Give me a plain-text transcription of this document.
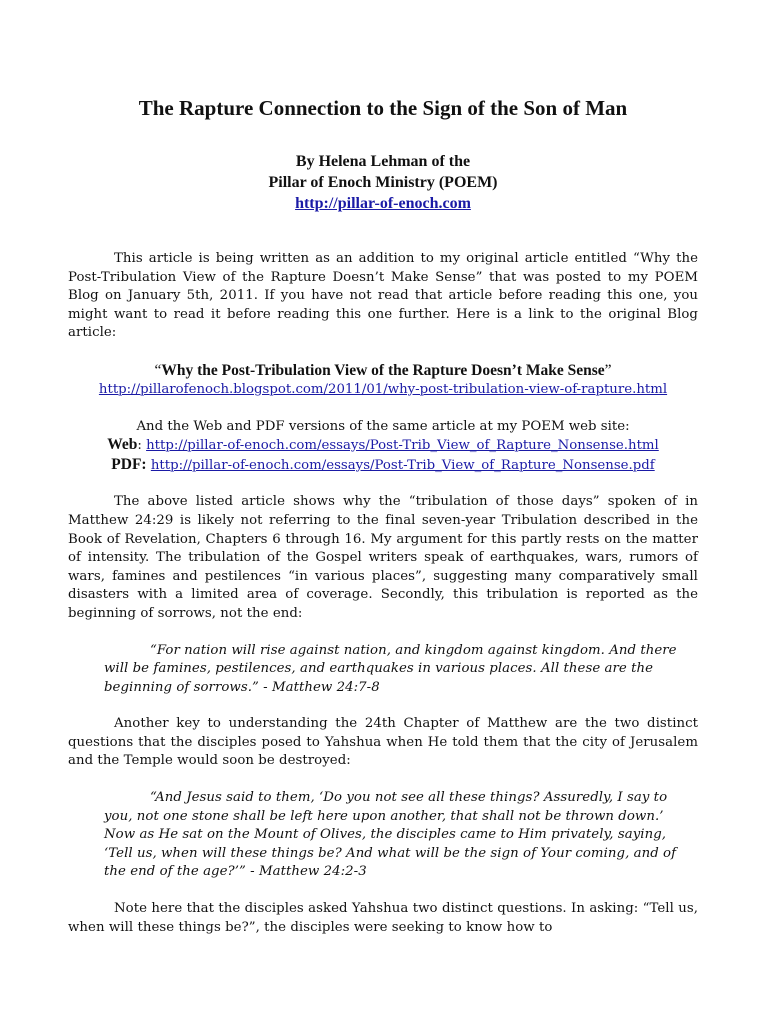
The Rapture Connection to the Sign of the Son of Man
By Helena Lehman of the
Pillar of Enoch Ministry (POEM)
http://pillar-of-enoch.com

This article is being written as an addition to my original article entitled “Why the Post-Tribulation View of the Rapture Doesn’t Make Sense” that was posted to my POEM Blog on January 5th, 2011. If you have not read that article before reading this one, you might want to read it before reading this one further. Here is a link to the original Blog article:

“Why the Post-Tribulation View of the Rapture Doesn’t Make Sense”
http://pillarofenoch.blogspot.com/2011/01/why-post-tribulation-view-of-rapture.html
And the Web and PDF versions of the same article at my POEM web site:
Web: http://pillar-of-enoch.com/essays/Post-Trib_View_of_Rapture_Nonsense.html
PDF: http://pillar-of-enoch.com/essays/Post-Trib_View_of_Rapture_Nonsense.pdf

The above listed article shows why the “tribulation of those days” spoken of in Matthew 24:29 is likely not referring to the final seven-year Tribulation described in the Book of Revelation, Chapters 6 through 16. My argument for this partly rests on the matter of intensity. The tribulation of the Gospel writers speak of earthquakes, wars, rumors of wars, famines and pestilences “in various places”, suggesting many comparatively small disasters with a limited area of coverage. Secondly, this tribulation is reported as the beginning of sorrows, not the end:

“For nation will rise against nation, and kingdom against kingdom. And there will be famines, pestilences, and earthquakes in various places. All these are the beginning of sorrows.” - Matthew 24:7-8

Another key to understanding the 24th Chapter of Matthew are the two distinct questions that the disciples posed to Yahshua when He told them that the city of Jerusalem and the Temple would soon be destroyed:

“And Jesus said to them, ‘Do you not see all these things? Assuredly, I say to you, not one stone shall be left here upon another, that shall not be thrown down.’ Now as He sat on the Mount of Olives, the disciples came to Him privately, saying, ‘Tell us, when will these things be? And what will be the sign of Your coming, and of the end of the age?’” - Matthew 24:2-3

Note here that the disciples asked Yahshua two distinct questions. In asking: “Tell us, when will these things be?”, the disciples were seeking to know how to
